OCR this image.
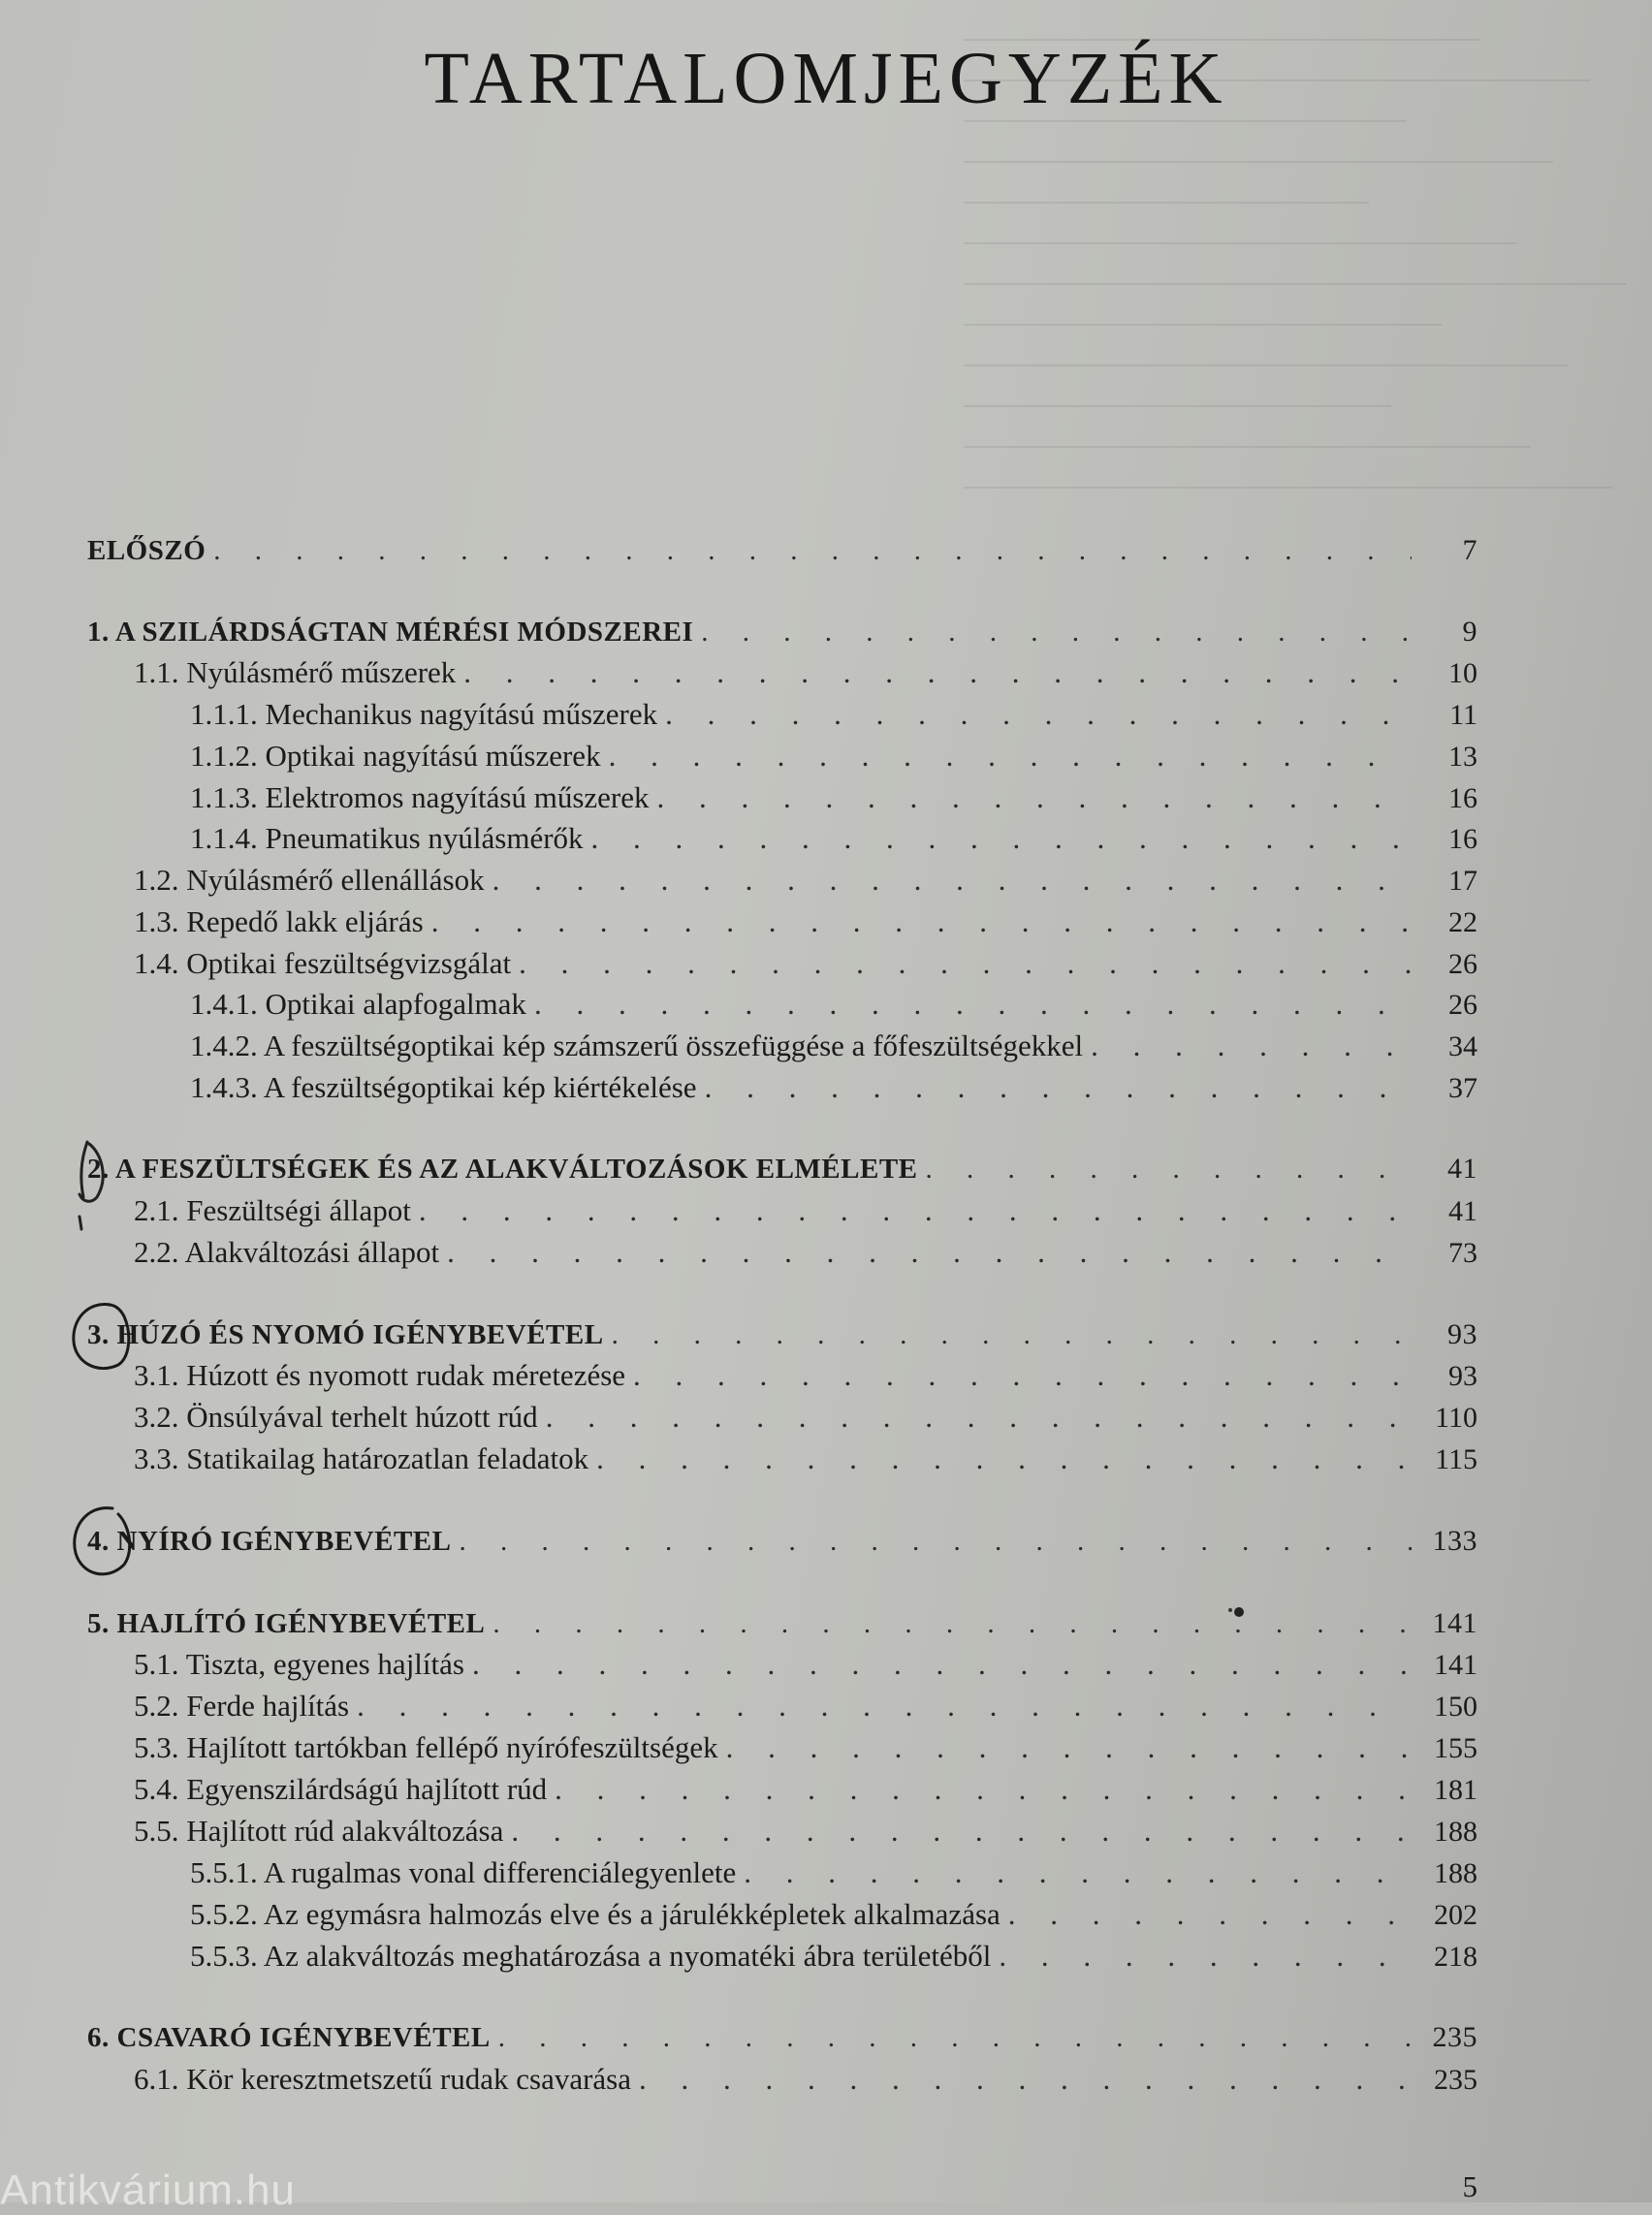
TARTALOMJEGYZÉK
ELŐSZÓ . . .	7
1. A SZILÁRDSÁGTAN MÉRÉSI MÓDSZEREI . . .	9
1.1. Nyúlásmérő műszerek . . .	10
1.1.1. Mechanikus nagyítású műszerek . . .	11
1.1.2. Optikai nagyítású műszerek . . .	13
1.1.3. Elektromos nagyítású műszerek . . .	16
1.1.4. Pneumatikus nyúlásmérők . . .	16
1.2. Nyúlásmérő ellenállások . . .	17
1.3. Repedő lakk eljárás . . .	22
1.4. Optikai feszültségvizsgálat . . .	26
1.4.1. Optikai alapfogalmak . . .	26
1.4.2. A feszültségoptikai kép számszerű összefüggése a főfeszültségekkel . . .	34
1.4.3. A feszültségoptikai kép kiértékelése . . .	37
2. A FESZÜLTSÉGEK ÉS AZ ALAKVÁLTOZÁSOK ELMÉLETE . . .	41
2.1. Feszültségi állapot . . .	41
2.2. Alakváltozási állapot . . .	73
3. HÚZÓ ÉS NYOMÓ IGÉNYBEVÉTEL . . .	93
3.1. Húzott és nyomott rudak méretezése . . .	93
3.2. Önsúlyával terhelt húzott rúd . . .	110
3.3. Statikailag határozatlan feladatok . . .	115
4. NYÍRÓ IGÉNYBEVÉTEL . . .	133
5. HAJLÍTÓ IGÉNYBEVÉTEL . . .	141
5.1. Tiszta, egyenes hajlítás . . .	141
5.2. Ferde hajlítás . . .	150
5.3. Hajlított tartókban fellépő nyírófeszültségek . . .	155
5.4. Egyenszilárdságú hajlított rúd . . .	181
5.5. Hajlított rúd alakváltozása . . .	188
5.5.1. A rugalmas vonal differenciálegyenlete . . .	188
5.5.2. Az egymásra halmozás elve és a járulékképletek alkalmazása . . .	202
5.5.3. Az alakváltozás meghatározása a nyomatéki ábra területéből . . .	218
6. CSAVARÓ IGÉNYBEVÉTEL . . .	235
6.1. Kör keresztmetszetű rudak csavarása . . .	235
5
Antikvárium.hu
